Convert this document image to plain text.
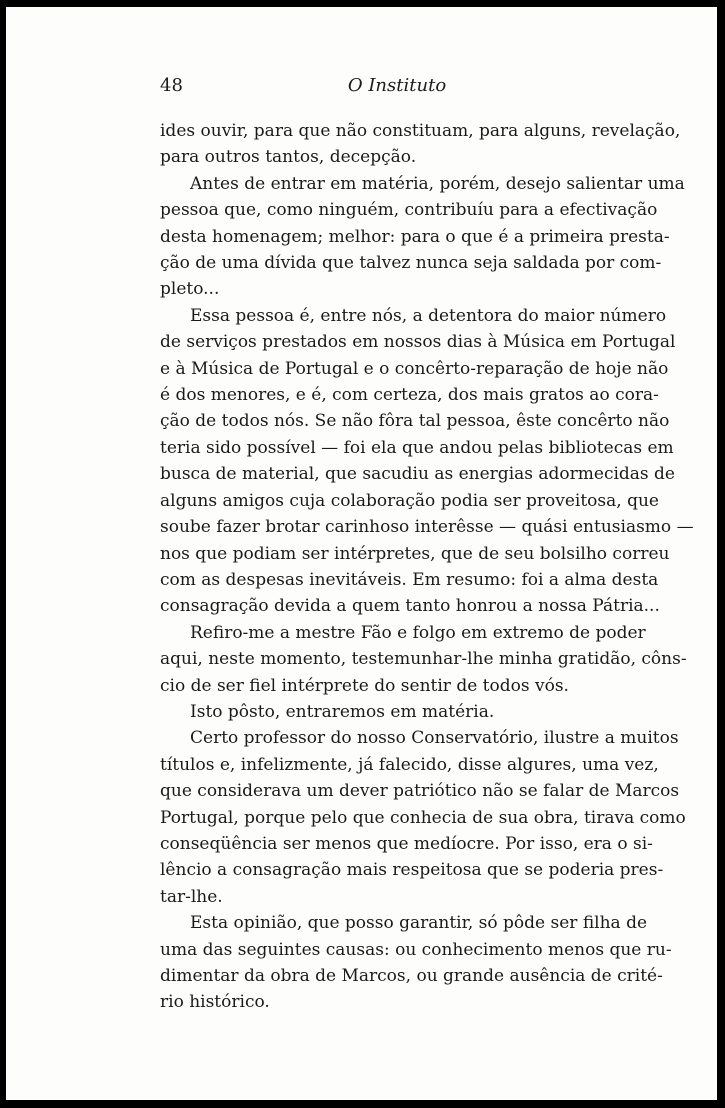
48	O Instituto
ides ouvir, para que não constituam, para alguns, revelação,
para outros tantos, decepção.
Antes de entrar em matéria, porém, desejo salientar uma
pessoa que, como ninguém, contribuíu para a efectivação
desta homenagem; melhor: para o que é a primeira presta-
ção de uma dívida que talvez nunca seja saldada por com-
pleto...
Essa pessoa é, entre nós, a detentora do maior número
de serviços prestados em nossos dias à Música em Portugal
e à Música de Portugal e o concêrto-reparação de hoje não
é dos menores, e é, com certeza, dos mais gratos ao cora-
ção de todos nós. Se não fôra tal pessoa, êste concêrto não
teria sido possível — foi ela que andou pelas bibliotecas em
busca de material, que sacudiu as energias adormecidas de
alguns amigos cuja colaboração podia ser proveitosa, que
soube fazer brotar carinhoso interêsse — quási entusiasmo —
nos que podiam ser intérpretes, que de seu bolsilho correu
com as despesas inevitáveis. Em resumo: foi a alma desta
consagração devida a quem tanto honrou a nossa Pátria...
Refiro-me a mestre Fão e folgo em extremo de poder
aqui, neste momento, testemunhar-lhe minha gratidão, côns-
cio de ser fiel intérprete do sentir de todos vós.
Isto pôsto, entraremos em matéria.
Certo professor do nosso Conservatório, ilustre a muitos
títulos e, infelizmente, já falecido, disse algures, uma vez,
que considerava um dever patriótico não se falar de Marcos
Portugal, porque pelo que conhecia de sua obra, tirava como
conseqüência ser menos que medíocre. Por isso, era o si-
lêncio a consagração mais respeitosa que se poderia pres-
tar-lhe.
Esta opinião, que posso garantir, só pôde ser filha de
uma das seguintes causas: ou conhecimento menos que ru-
dimentar da obra de Marcos, ou grande ausência de crité-
rio histórico.
